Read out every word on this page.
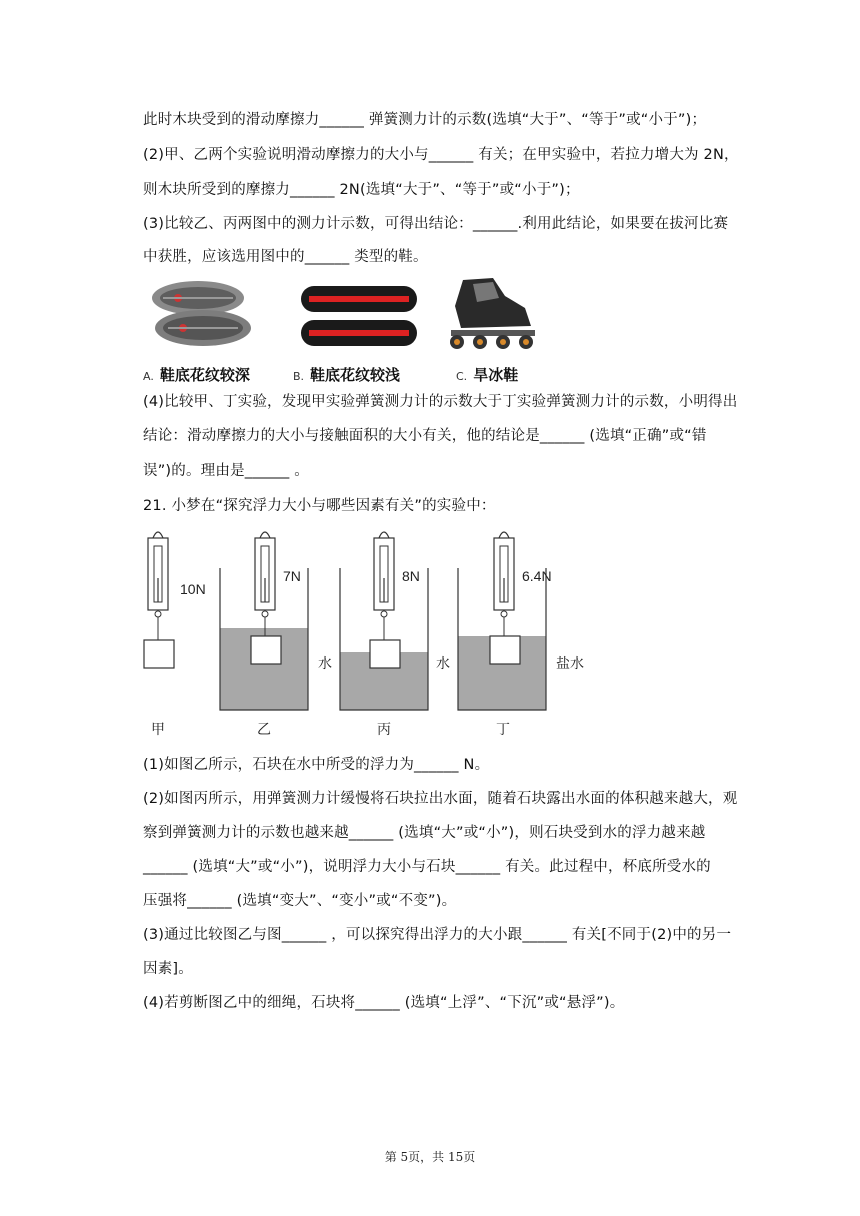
此时木块受到的滑动摩擦力______ 弹簧测力计的示数(选填“大于”、“等于”或“小于”)；
(2)甲、乙两个实验说明滑动摩擦力的大小与______ 有关；在甲实验中，若拉力增大为 2N，
则木块所受到的摩擦力______ 2N(选填“大于”、“等于”或“小于”)；
(3)比较乙、丙两图中的测力计示数，可得出结论：______.利用此结论，如果要在拔河比赛
中获胜，应该选用图中的______ 类型的鞋。
A. 鞋底花纹较深	B. 鞋底花纹较浅	C. 旱冰鞋
(4)比较甲、丁实验，发现甲实验弹簧测力计的示数大于丁实验弹簧测力计的示数，小明得出
结论：滑动摩擦力的大小与接触面积的大小有关，他的结论是______ (选填“正确”或“错
误”)的。理由是______ 。
21. 小梦在“探究浮力大小与哪些因素有关”的实验中：
10N
7N	8N	6.4N
水	水	盐水
甲	乙	丙	丁
(1)如图乙所示，石块在水中所受的浮力为______ N。
(2)如图丙所示，用弹簧测力计缓慢将石块拉出水面，随着石块露出水面的体积越来越大，观
察到弹簧测力计的示数也越来越______ (选填“大”或“小”)，则石块受到水的浮力越来越
______ (选填“大”或“小”)，说明浮力大小与石块______ 有关。此过程中，杯底所受水的
压强将______ (选填“变大”、“变小”或“不变”)。
(3)通过比较图乙与图______ ，可以探究得出浮力的大小跟______ 有关[不同于(2)中的另一
因素]。
(4)若剪断图乙中的细绳，石块将______ (选填“上浮”、“下沉”或“悬浮”)。
第 5页，共 15页
